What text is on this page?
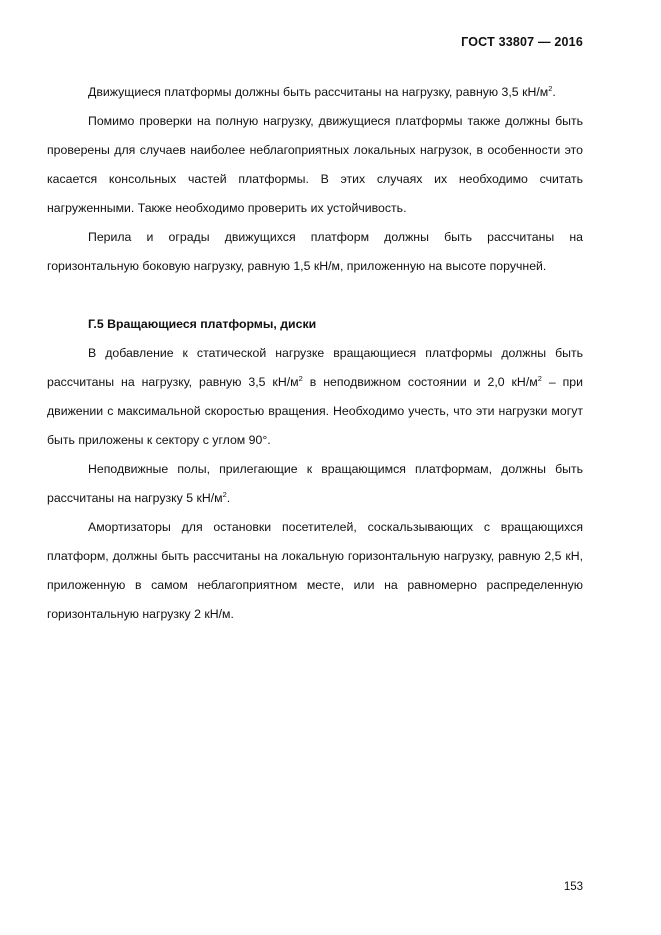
ГОСТ 33807 — 2016

Движущиеся платформы должны быть рассчитаны на нагрузку, равную 3,5 $кН/м^2$.

Помимо проверки на полную нагрузку, движущиеся платформы также должны быть проверены для случаев наиболее неблагоприятных локальных нагрузок, в особенности это касается консольных частей платформы. В этих случаях их необходимо считать нагруженными. Также необходимо проверить их устойчивость.

Перила и ограды движущихся платформ должны быть рассчитаны на горизонтальную боковую нагрузку, равную 1,5 кН/м, приложенную на высоте поручней.

Г.5 Вращающиеся платформы, диски

В добавление к статической нагрузке вращающиеся платформы должны быть рассчитаны на нагрузку, равную 3,5 $кН/м^2$ в неподвижном состоянии и 2,0 $кН/м^2$ – при движении с максимальной скоростью вращения. Необходимо учесть, что эти нагрузки могут быть приложены к сектору с углом 90°.

Неподвижные полы, прилегающие к вращающимся платформам, должны быть рассчитаны на нагрузку 5 $кН/м^2$.

Амортизаторы для остановки посетителей, соскальзывающих с вращающихся платформ, должны быть рассчитаны на локальную горизонтальную нагрузку, равную 2,5 кН, приложенную в самом неблагоприятном месте, или на равномерно распределенную горизонтальную нагрузку 2 кН/м.

153
